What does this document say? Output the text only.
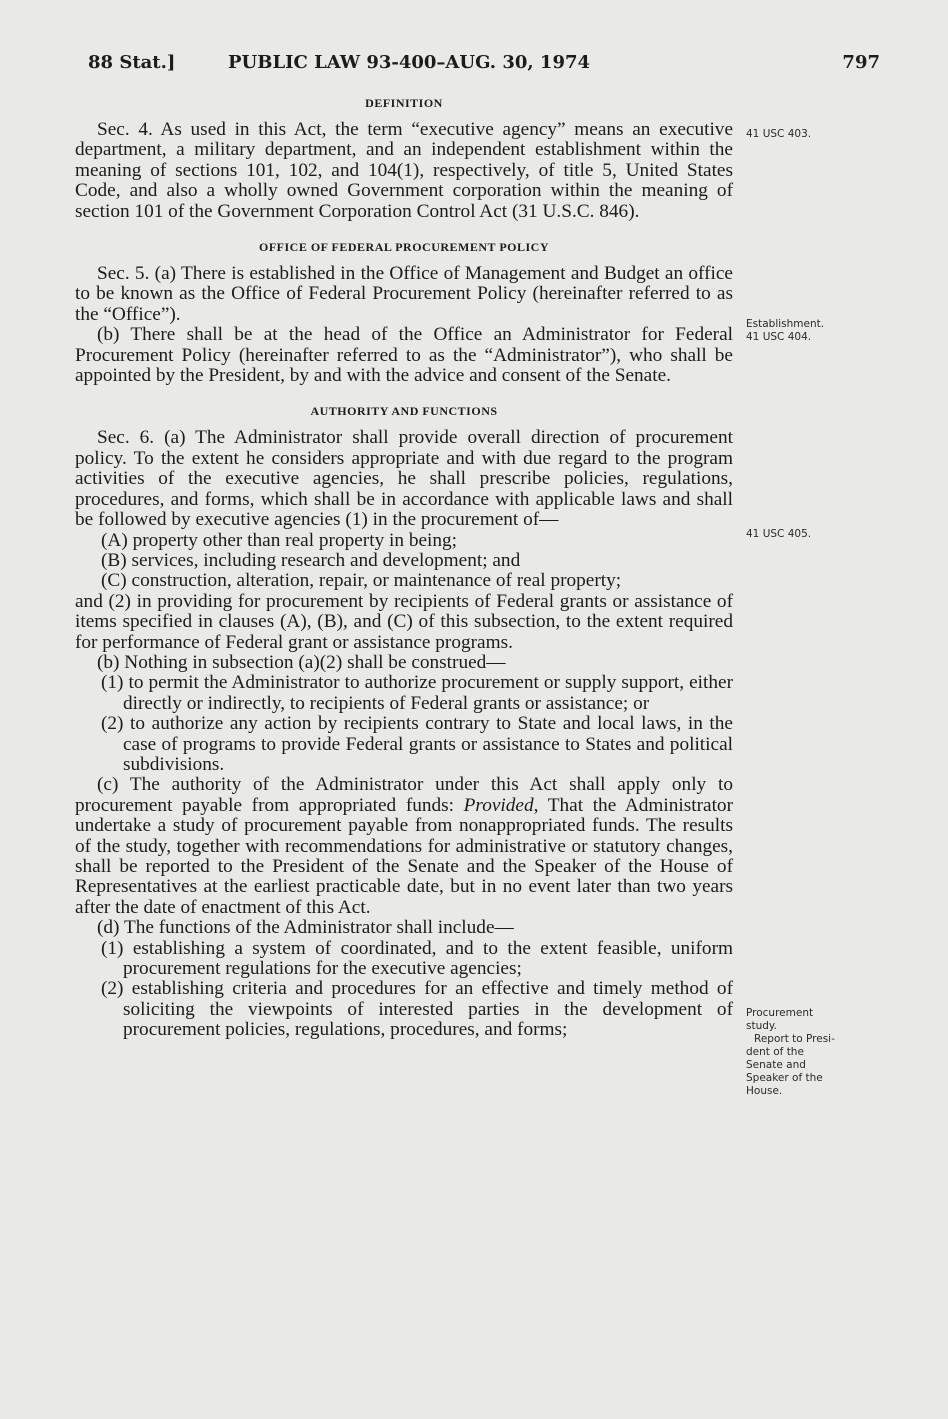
88 Stat.]	PUBLIC LAW 93-400–AUG. 30, 1974	797
DEFINITION

Sec. 4. As used in this Act, the term “executive agency” means an executive department, a military department, and an independent establishment within the meaning of sections 101, 102, and 104(1), respectively, of title 5, United States Code, and also a wholly owned Government corporation within the meaning of section 101 of the Government Corporation Control Act (31 U.S.C. 846).

OFFICE OF FEDERAL PROCUREMENT POLICY

Sec. 5. (a) There is established in the Office of Management and Budget an office to be known as the Office of Federal Procurement Policy (hereinafter referred to as the “Office”).

(b) There shall be at the head of the Office an Administrator for Federal Procurement Policy (hereinafter referred to as the “Administrator”), who shall be appointed by the President, by and with the advice and consent of the Senate.

AUTHORITY AND FUNCTIONS

Sec. 6. (a) The Administrator shall provide overall direction of procurement policy. To the extent he considers appropriate and with due regard to the program activities of the executive agencies, he shall prescribe policies, regulations, procedures, and forms, which shall be in accordance with applicable laws and shall be followed by executive agencies (1) in the procurement of—

(A) property other than real property in being;

(B) services, including research and development; and

(C) construction, alteration, repair, or maintenance of real property;

and (2) in providing for procurement by recipients of Federal grants or assistance of items specified in clauses (A), (B), and (C) of this subsection, to the extent required for performance of Federal grant or assistance programs.

(b) Nothing in subsection (a)(2) shall be construed—

(1) to permit the Administrator to authorize procurement or supply support, either directly or indirectly, to recipients of Federal grants or assistance; or

(2) to authorize any action by recipients contrary to State and local laws, in the case of programs to provide Federal grants or assistance to States and political subdivisions.

(c) The authority of the Administrator under this Act shall apply only to procurement payable from appropriated funds: Provided, That the Administrator undertake a study of procurement payable from nonappropriated funds. The results of the study, together with recommendations for administrative or statutory changes, shall be reported to the President of the Senate and the Speaker of the House of Representatives at the earliest practicable date, but in no event later than two years after the date of enactment of this Act.

(d) The functions of the Administrator shall include—

(1) establishing a system of coordinated, and to the extent feasible, uniform procurement regulations for the executive agencies;

(2) establishing criteria and procedures for an effective and timely method of soliciting the viewpoints of interested parties in the development of procurement policies, regulations, procedures, and forms;

41 USC 403.
Establishment.
41 USC 404.
41 USC 405.
Procurement
study.
Report to Presi-
dent of the
Senate and
Speaker of the
House.
